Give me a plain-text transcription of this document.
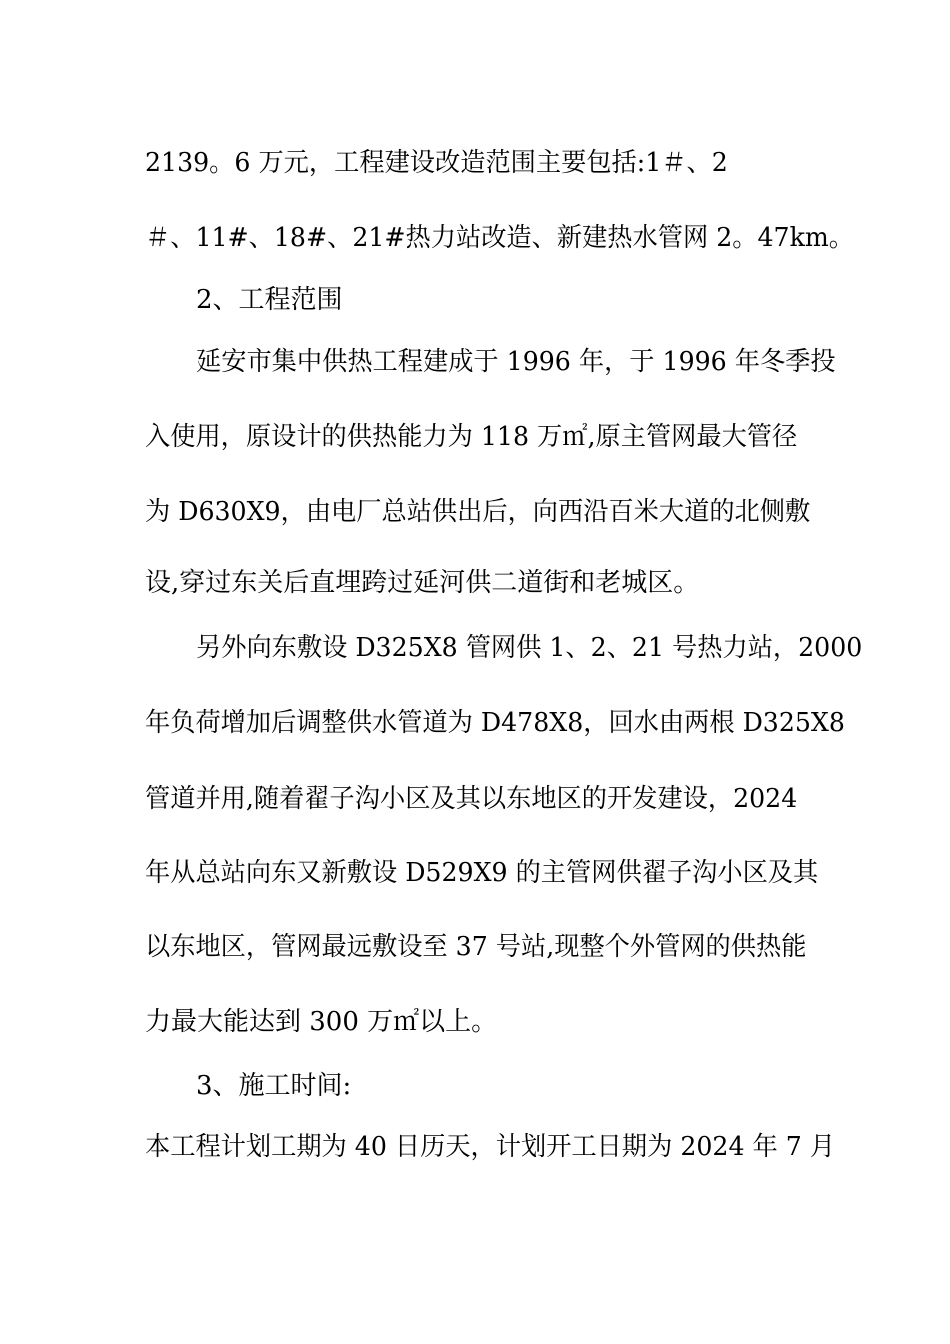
2139。6 万元，工程建设改造范围主要包括:1＃、2
＃、11#、18#、21#热力站改造、新建热水管网 2。47km。
2、工程范围
延安市集中供热工程建成于 1996 年，于 1996 年冬季投
入使用，原设计的供热能力为 118 万㎡,原主管网最大管径
为 D630X9，由电厂总站供出后，向西沿百米大道的北侧敷
设,穿过东关后直埋跨过延河供二道街和老城区。
另外向东敷设 D325X8 管网供 1、2、21 号热力站，2000
年负荷增加后调整供水管道为 D478X8，回水由两根 D325X8
管道并用,随着翟子沟小区及其以东地区的开发建设，2024
年从总站向东又新敷设 D529X9 的主管网供翟子沟小区及其
以东地区，管网最远敷设至 37 号站,现整个外管网的供热能
力最大能达到 300 万㎡以上。
3、施工时间:
本工程计划工期为 40 日历天，计划开工日期为 2024 年 7 月
